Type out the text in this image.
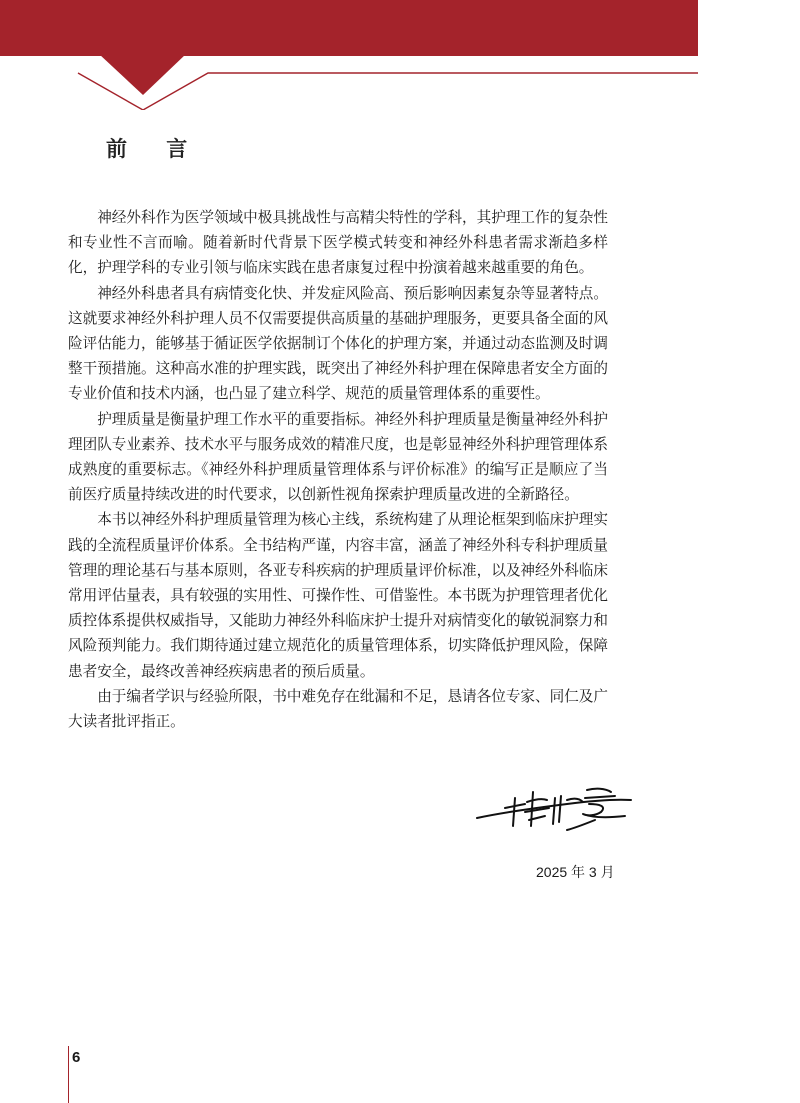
前 言

神经外科作为医学领域中极具挑战性与高精尖特性的学科，其护理工作的复杂性和专业性不言而喻。随着新时代背景下医学模式转变和神经外科患者需求渐趋多样化，护理学科的专业引领与临床实践在患者康复过程中扮演着越来越重要的角色。

神经外科患者具有病情变化快、并发症风险高、预后影响因素复杂等显著特点。这就要求神经外科护理人员不仅需要提供高质量的基础护理服务，更要具备全面的风险评估能力，能够基于循证医学依据制订个体化的护理方案，并通过动态监测及时调整干预措施。这种高水准的护理实践，既突出了神经外科护理在保障患者安全方面的专业价值和技术内涵，也凸显了建立科学、规范的质量管理体系的重要性。

护理质量是衡量护理工作水平的重要指标。神经外科护理质量是衡量神经外科护理团队专业素养、技术水平与服务成效的精准尺度，也是彰显神经外科护理管理体系成熟度的重要标志。《神经外科护理质量管理体系与评价标准》的编写正是顺应了当前医疗质量持续改进的时代要求，以创新性视角探索护理质量改进的全新路径。

本书以神经外科护理质量管理为核心主线，系统构建了从理论框架到临床护理实践的全流程质量评价体系。全书结构严谨，内容丰富，涵盖了神经外科专科护理质量管理的理论基石与基本原则，各亚专科疾病的护理质量评价标准，以及神经外科临床常用评估量表，具有较强的实用性、可操作性、可借鉴性。本书既为护理管理者优化质控体系提供权威指导，又能助力神经外科临床护士提升对病情变化的敏锐洞察力和风险预判能力。我们期待通过建立规范化的质量管理体系，切实降低护理风险，保障患者安全，最终改善神经疾病患者的预后质量。

由于编者学识与经验所限，书中难免存在纰漏和不足，恳请各位专家、同仁及广大读者批评指正。

2025 年 3 月
6
